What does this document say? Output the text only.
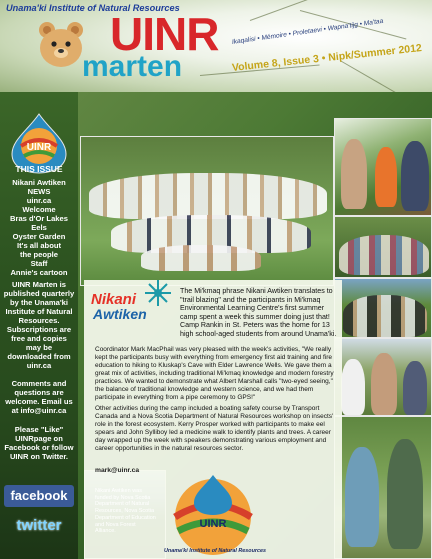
Unama'ki Institute of Natural Resources
UINR
marten
Ikaqalisi • Mémoire • Proletaevi • Wapna'tijg • Ma'taa
Volume 8, Issue 3 • Nipk/Summer 2012
UINR
THIS ISSUE
Nikani Awtiken
NEWS
uinr.ca
Welcome
Bras d'Or Lakes
Eels
Oyster Garden
It's all about
the people
Staff
Annie's cartoon
UINR Marten is published quarterly by the Unama'ki Institute of Natural Resources. Subscriptions are free and copies may be downloaded from uinr.ca
Comments and questions are welcome. Email us at info@uinr.ca
Please "Like" UINRpage on Facebook or follow UINR on Twitter.
facebook
twitter
Nikani
Awtiken
The Mi'kmaq phrase Nikani Awtiken translates to "trail blazing" and the participants in Mi'kmaq Environmental Learning Centre's first summer camp spent a week this summer doing just that! Camp Rankin in St. Peters was the home for 13 high school-aged students from around Unama'ki.
Coordinator Mark MacPhail was very pleased with the week's activities, "We really kept the participants busy with everything from emergency first aid training and fire education to hiking to Kluskap's Cave with Elder Lawrence Wells. We gave them a great mix of activities, including traditional Mi'kmaq knowledge and modern forestry practices. We wanted to demonstrate what Albert Marshall calls "two-eyed seeing," the balance of traditional knowledge and western science, and we had them participate in everything from a pipe ceremony to GPS!"
Other activities during the camp included a boating safety course by Transport Canada and a Nova Scotia Department of Natural Resources workshop on insects' role in the forest ecosystem. Kerry Prosper worked with participants to make eel spears and John Sylliboy led a medicine walk to identify plants and trees. A career day wrapped up the week with speakers demonstrating various employment and career opportunities in the natural resources sector.
mark@uinr.ca
Nikani Awtiken was funded by Nova Scotia Department of Natural Resources, Nova Scotia Department of Education and Nova Forest Alliance.
Unama'ki Institute of Natural Resources
UINR
